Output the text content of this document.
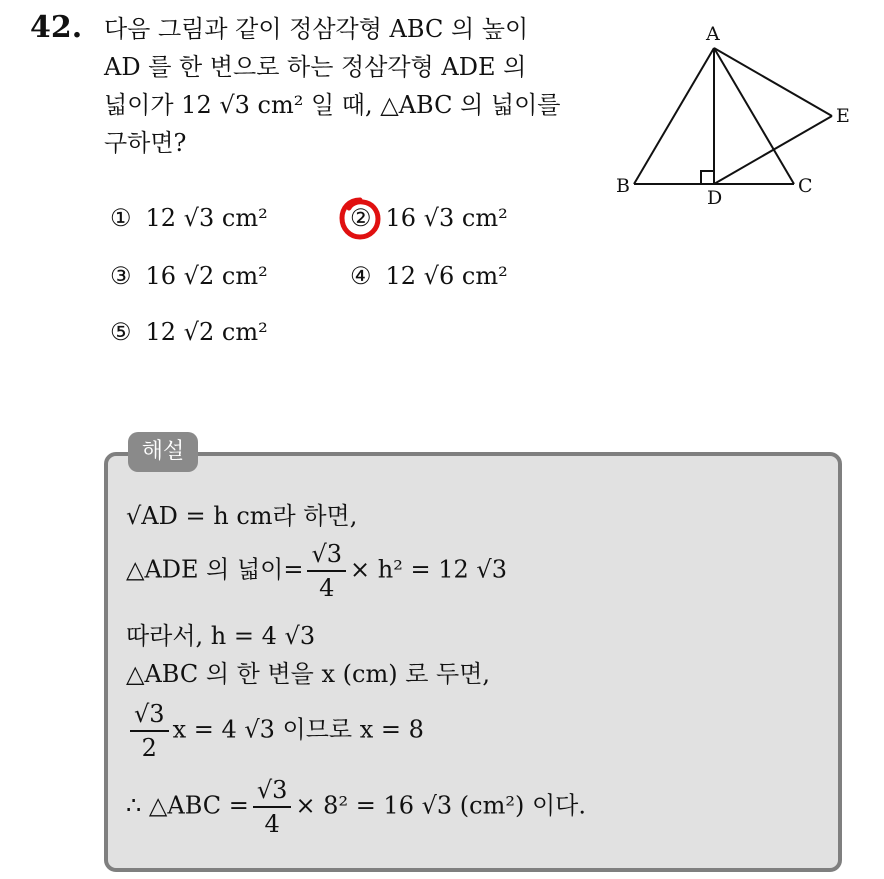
42. 다음 그림과 같이 정삼각형 ABC 의 높이
AD 를 한 변으로 하는 정삼각형 ADE 의
넓이가 12 √3 cm² 일 때, △ABC 의 넓이를
구하면?
A
B	C
D
E
① 12 √3 cm²	② 16 √3 cm²
③ 16 √2 cm²	④ 12 √6 cm²
⑤ 12 √2 cm²
해설
√AD = h cm라 하면,
△ADE 의 넓이= $\frac{√3}{4} \times h^2 = 12$ √3
따라서, h = 4 √3
△ABC 의 한 변을 x (cm) 로 두면,
$\frac{√3}{2}$ x = 4 √3 이므로 x = 8
∴ △ABC = $\frac{√3}{4} \times 8^2 = 16$ √3 (cm²) 이다.
